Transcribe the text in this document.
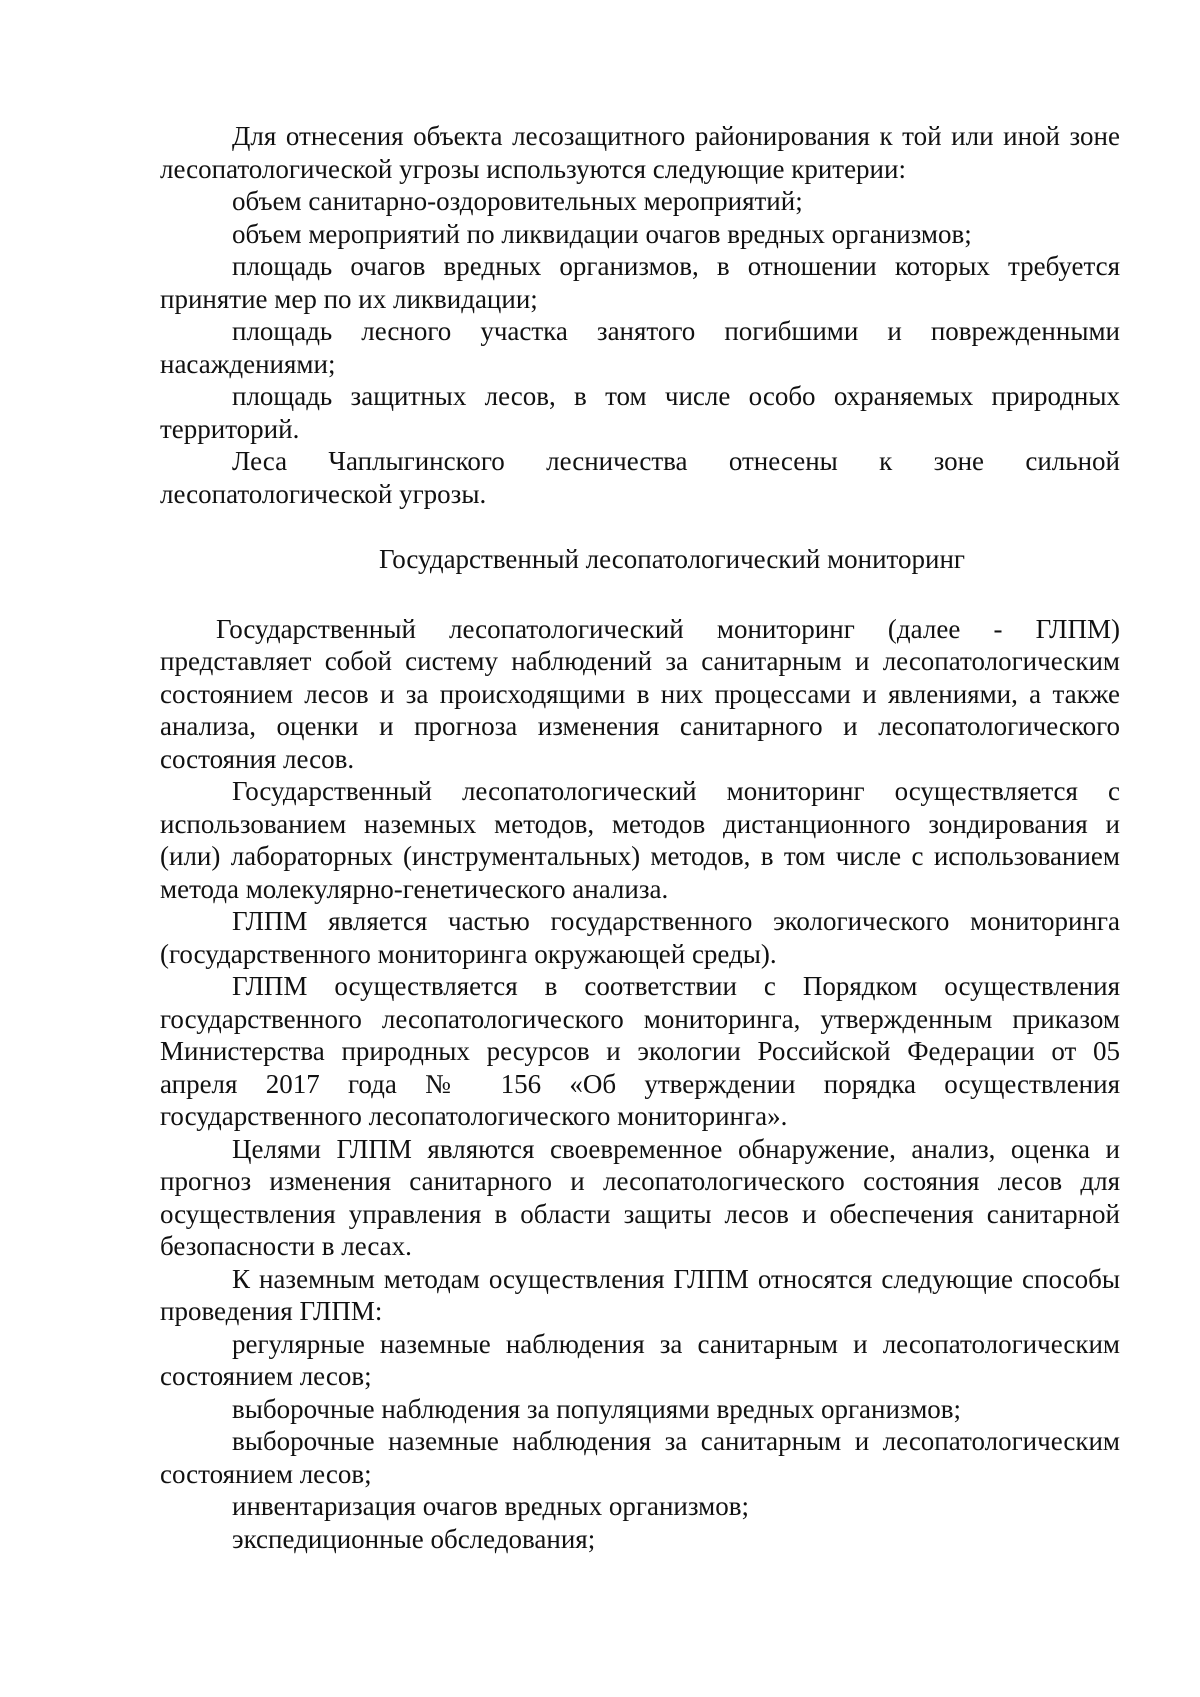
Для отнесения объекта лесозащитного районирования к той или иной зоне лесопатологической угрозы используются следующие критерии:

объем санитарно-оздоровительных мероприятий;

объем мероприятий по ликвидации очагов вредных организмов;

площадь очагов вредных организмов, в отношении которых требуется принятие мер по их ликвидации;

площадь лесного участка занятого погибшими и поврежденными насаждениями;

площадь защитных лесов, в том числе особо охраняемых природных территорий.

Леса Чаплыгинского лесничества отнесены к зоне сильной лесопатологической угрозы.

Государственный лесопатологический мониторинг

Государственный лесопатологический мониторинг (далее - ГЛПМ) представляет собой систему наблюдений за санитарным и лесопатологическим состоянием лесов и за происходящими в них процессами и явлениями, а также анализа, оценки и прогноза изменения санитарного и лесопатологического состояния лесов.

Государственный лесопатологический мониторинг осуществляется с использованием наземных методов, методов дистанционного зондирования и (или) лабораторных (инструментальных) методов, в том числе с использованием метода молекулярно-генетического анализа.

ГЛПМ является частью государственного экологического мониторинга (государственного мониторинга окружающей среды).

ГЛПМ осуществляется в соответствии с Порядком осуществления государственного лесопатологического мониторинга, утвержденным приказом Министерства природных ресурсов и экологии Российской Федерации от 05 апреля 2017 года № 156 «Об утверждении порядка осуществления государственного лесопатологического мониторинга».

Целями ГЛПМ являются своевременное обнаружение, анализ, оценка и прогноз изменения санитарного и лесопатологического состояния лесов для осуществления управления в области защиты лесов и обеспечения санитарной безопасности в лесах.

К наземным методам осуществления ГЛПМ относятся следующие способы проведения ГЛПМ:

регулярные наземные наблюдения за санитарным и лесопатологическим состоянием лесов;

выборочные наблюдения за популяциями вредных организмов;

выборочные наземные наблюдения за санитарным и лесопатологическим состоянием лесов;

инвентаризация очагов вредных организмов;

экспедиционные обследования;
